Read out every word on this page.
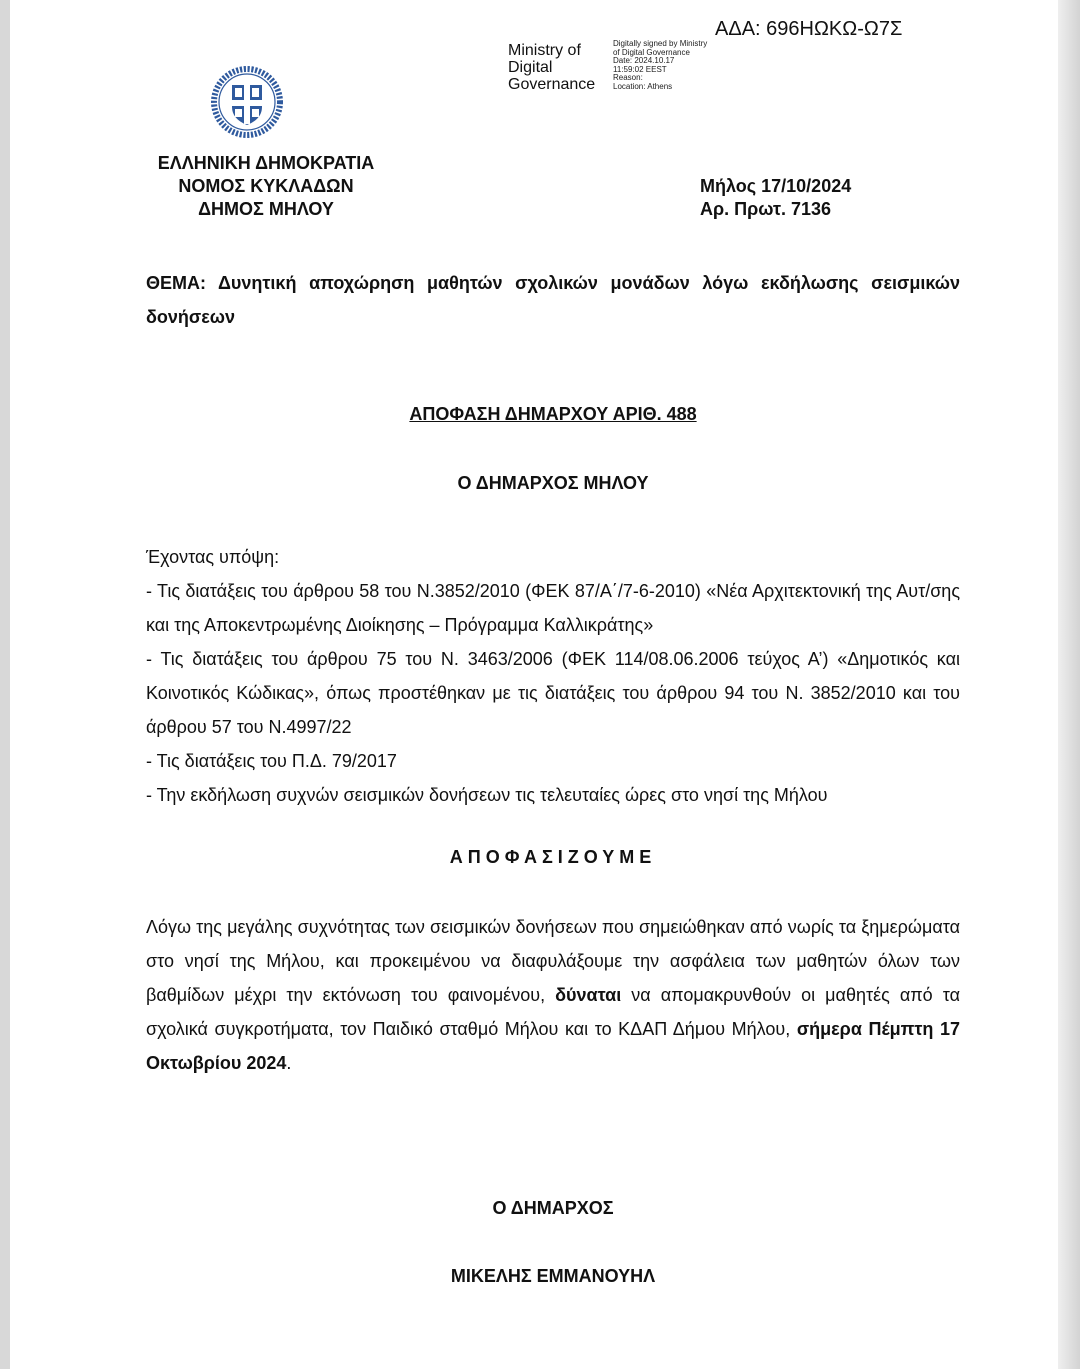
ΑΔΑ: 696ΗΩΚΩ-Ω7Σ
Ministry of
Digital
Governance
Digitally signed by Ministry
of Digital Governance
Date: 2024.10.17
11:59:02 EEST
Reason:
Location: Athens
ΕΛΛΗΝΙΚΗ ΔΗΜΟΚΡΑΤΙΑ
ΝΟΜΟΣ ΚΥΚΛΑΔΩΝ
ΔΗΜΟΣ ΜΗΛΟΥ
Μήλος 17/10/2024
Αρ. Πρωτ. 7136
ΘΕΜΑ: Δυνητική αποχώρηση μαθητών σχολικών μονάδων λόγω εκδήλωσης σεισμικών δονήσεων
ΑΠΟΦΑΣΗ ΔΗΜΑΡΧΟΥ ΑΡΙΘ. 488
Ο ΔΗΜΑΡΧΟΣ ΜΗΛΟΥ
Έχοντας υπόψη:
- Τις διατάξεις του άρθρου 58 του Ν.3852/2010 (ΦΕΚ 87/Α΄/7-6-2010) «Νέα Αρχιτεκτονική της Αυτ/σης και της Αποκεντρωμένης Διοίκησης – Πρόγραμμα Καλλικράτης»
- Τις διατάξεις του άρθρου 75 του Ν. 3463/2006 (ΦΕΚ 114/08.06.2006 τεύχος Α’) «Δημοτικός και Κοινοτικός Κώδικας», όπως προστέθηκαν με τις διατάξεις του άρθρου 94 του Ν. 3852/2010 και του άρθρου 57 του Ν.4997/22
- Τις διατάξεις του Π.Δ. 79/2017
- Την εκδήλωση συχνών σεισμικών δονήσεων τις τελευταίες ώρες στο νησί της Μήλου
ΑΠΟΦΑΣΙΖΟΥΜΕ
Λόγω της μεγάλης συχνότητας των σεισμικών δονήσεων που σημειώθηκαν από νωρίς τα ξημερώματα στο νησί της Μήλου, και προκειμένου να διαφυλάξουμε την ασφάλεια των μαθητών όλων των βαθμίδων μέχρι την εκτόνωση του φαινομένου, δύναται να απομακρυνθούν οι μαθητές από τα σχολικά συγκροτήματα, τον Παιδικό σταθμό Μήλου και το ΚΔΑΠ Δήμου Μήλου, σήμερα Πέμπτη 17 Οκτωβρίου 2024.
Ο ΔΗΜΑΡΧΟΣ
ΜΙΚΕΛΗΣ ΕΜΜΑΝΟΥΗΛ
